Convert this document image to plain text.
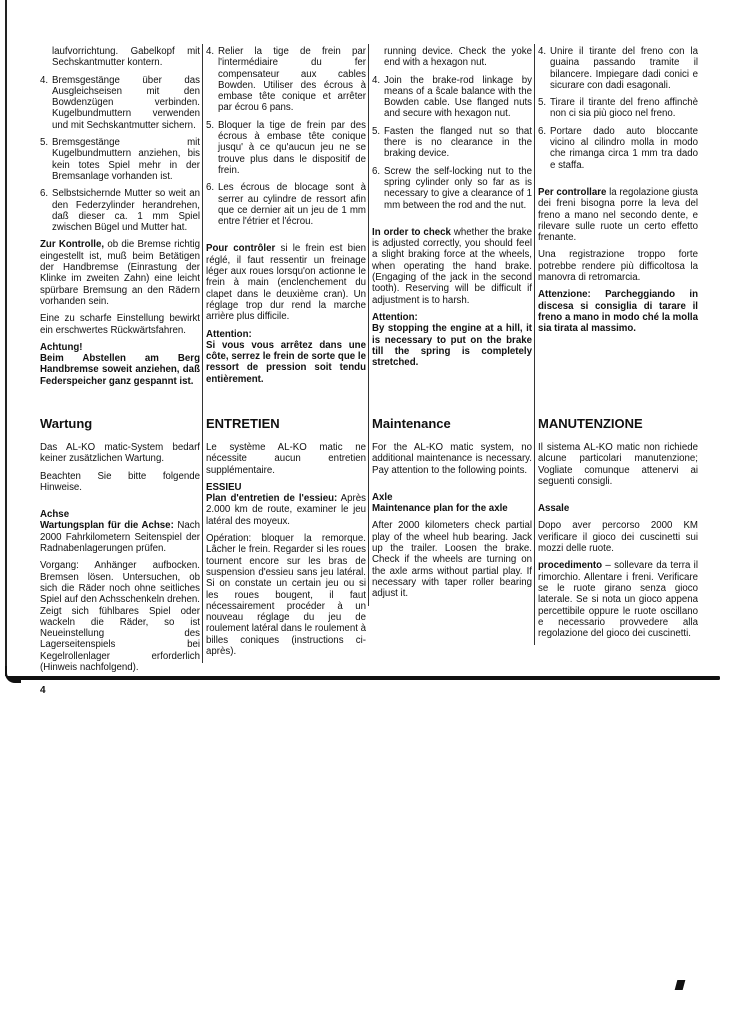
laufvorrichtung. Gabelkopf mit Sechskantmutter kontern.
4. Bremsgestänge über das Ausgleichseisen mit den Bowdenzügen verbinden. Kugelbundmuttern verwenden und mit Sechskantmutter sichern.
5. Bremsgestänge mit Kugelbundmuttern anziehen, bis kein totes Spiel mehr in der Bremsanlage vorhanden ist.
6. Selbstsichernde Mutter so weit an den Federzylinder herandrehen, daß dieser ca. 1 mm Spiel zwischen Bügel und Mutter hat.
Zur Kontrolle, ob die Bremse richtig eingestellt ist, muß beim Betätigen der Handbremse (Einrastung der Klinke im zweiten Zahn) eine leicht spürbare Bremsung an den Rädern vorhanden sein.
Eine zu scharfe Einstellung bewirkt ein erschwertes Rückwärtsfahren.
Achtung!
Beim Abstellen am Berg Handbremse soweit anziehen, daß Federspeicher ganz gespannt ist.
Wartung
Das AL-KO matic-System bedarf keiner zusätzlichen Wartung.
Beachten Sie bitte folgende Hinweise.
Achse
Wartungsplan für die Achse: Nach 2000 Fahrkilometern Seitenspiel der Radnabenlagerungen prüfen.
Vorgang: Anhänger aufbocken. Bremsen lösen. Untersuchen, ob sich die Räder noch ohne seitliches Spiel auf den Achsschenkeln drehen. Zeigt sich fühlbares Spiel oder wackeln die Räder, so ist Neueinstellung des Lagerseitenspiels bei Kegelrollenlager erforderlich (Hinweis nachfolgend).
4
4. Relier la tige de frein par l'intermédiaire du fer compensateur aux cables Bowden. Utiliser des écrous à embase tête conique et arrêter par écrou 6 pans.
5. Bloquer la tige de frein par des écrous à embase tête conique jusqu' à ce qu'aucun jeu ne se trouve plus dans le dispositif de frein.
6. Les écrous de blocage sont à serrer au cylindre de ressort afin que ce dernier ait un jeu de 1 mm entre l'étrier et l'écrou.
Pour contrôler si le frein est bien réglé, il faut ressentir un freinage léger aux roues lorsqu'on actionne le frein à main (enclenchement du clapet dans le deuxième cran). Un réglage trop dur rend la marche arrière plus difficile.
Attention:
Si vous vous arrêtez dans une côte, serrez le frein de sorte que le ressort de pression soit tendu entièrement.
ENTRETIEN
Le système AL-KO matic ne nécessite aucun entretien supplémentaire.
ESSIEU
Plan d'entretien de l'essieu: Après 2.000 km de route, examiner le jeu latéral des moyeux.
Opération: bloquer la remorque. Lâcher le frein. Regarder si les roues tournent encore sur les bras de suspension d'essieu sans jeu latéral. Si on constate un certain jeu ou si les roues bougent, il faut nécessairement procéder à un nouveau réglage du jeu de roulement latéral dans le roulement à billes coniques (instructions ci-après).
running device. Check the yoke end with a hexagon nut.
4. Join the brake-rod linkage by means of a ŝcale balance with the Bowden cable. Use flanged nuts and secure with hexagon nut.
5. Fasten the flanged nut so that there is no clearance in the braking device.
6. Screw the self-locking nut to the spring cylinder only so far as is necessary to give a clearance of 1 mm between the rod and the nut.
In order to check whether the brake is adjusted correctly, you should feel a slight braking force at the wheels, when operating the hand brake. (Engaging of the jack in the second tooth). Reserving will be difficult if adjustment is to harsh.
Attention:
By stopping the engine at a hill, it is necessary to put on the brake till the spring is completely stretched.
Maintenance
For the AL-KO matic system, no additional maintenance is necessary. Pay attention to the following points.
Axle
Maintenance plan for the axle
After 2000 kilometers check partial play of the wheel hub bearing. Jack up the trailer. Loosen the brake. Check if the wheels are turning on the axle arms without partial play. If necessary with taper roller bearing adjust it.
4. Unire il tirante del freno con la guaina passando tramite il bilancere. Impiegare dadi conici e sicurare con dadi esagonali.
5. Tirare il tirante del freno affinchè non ci sia più gioco nel freno.
6. Portare dado auto bloccante vicino al cilindro molla in modo che rimanga circa 1 mm tra dado e staffa.
Per controllare la regolazione giusta dei freni bisogna porre la leva del freno a mano nel secondo dente, e rilevare sulle ruote un certo effetto frenante.
Una registrazione troppo forte potrebbe rendere più difficoltosa la manovra di retromarcia.
Attenzione: Parcheggiando in discesa si consiglia di tarare il freno a mano in modo ché la molla sia tirata al massimo.
MANUTENZIONE
Il sistema AL-KO matic non richiede alcune particolari manutenzione; Vogliate comunque attenervi ai seguenti consigli.
Assale
Dopo aver percorso 2000 KM verificare il gioco dei cuscinetti sui mozzi delle ruote.
procedimento – sollevare da terra il rimorchio. Allentare i freni. Verificare se le ruote girano senza gioco laterale. Se si nota un gioco appena percettibile oppure le ruote oscillano e necessario provvedere alla regolazione del gioco dei cuscinetti.
